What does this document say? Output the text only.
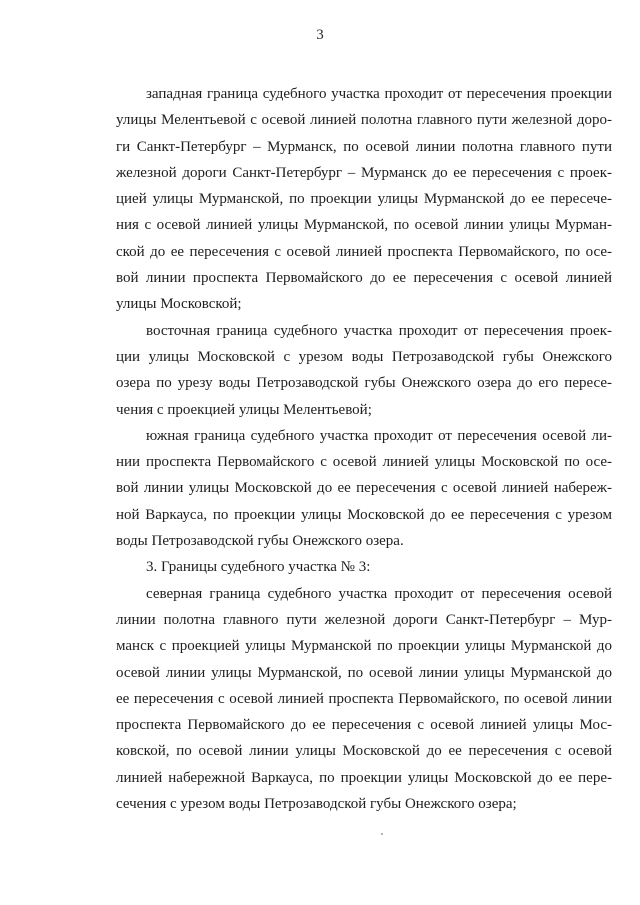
3
западная граница судебного участка проходит от пересечения проекции
улицы Мелентьевой с осевой линией полотна главного пути железной доро-
ги Санкт-Петербург – Мурманск, по осевой линии полотна главного пути
железной дороги Санкт-Петербург – Мурманск до ее пересечения с проек-
цией улицы Мурманской, по проекции улицы Мурманской до ее пересече-
ния с осевой линией улицы Мурманской, по осевой линии улицы Мурман-
ской до ее пересечения с осевой линией проспекта Первомайского, по осе-
вой линии проспекта Первомайского до ее пересечения с осевой линией
улицы Московской;
восточная граница судебного участка проходит от пересечения проек-
ции улицы Московской с урезом воды Петрозаводской губы Онежского
озера по урезу воды Петрозаводской губы Онежского озера до его пересе-
чения с проекцией улицы Мелентьевой;
южная граница судебного участка проходит от пересечения осевой ли-
нии проспекта Первомайского с осевой линией улицы Московской по осе-
вой линии улицы Московской до ее пересечения с осевой линией набереж-
ной Варкауса, по проекции улицы Московской до ее пересечения с урезом
воды Петрозаводской губы Онежского озера.
3. Границы судебного участка № 3:
северная граница судебного участка проходит от пересечения осевой
линии полотна главного пути железной дороги Санкт-Петербург – Мур-
манск с проекцией улицы Мурманской по проекции улицы Мурманской до
осевой линии улицы Мурманской, по осевой линии улицы Мурманской до
ее пересечения с осевой линией проспекта Первомайского, по осевой линии
проспекта Первомайского до ее пересечения с осевой линией улицы Мос-
ковской, по осевой линии улицы Московской до ее пересечения с осевой
линией набережной Варкауса, по проекции улицы Московской до ее пере-
сечения с урезом воды Петрозаводской губы Онежского озера;
